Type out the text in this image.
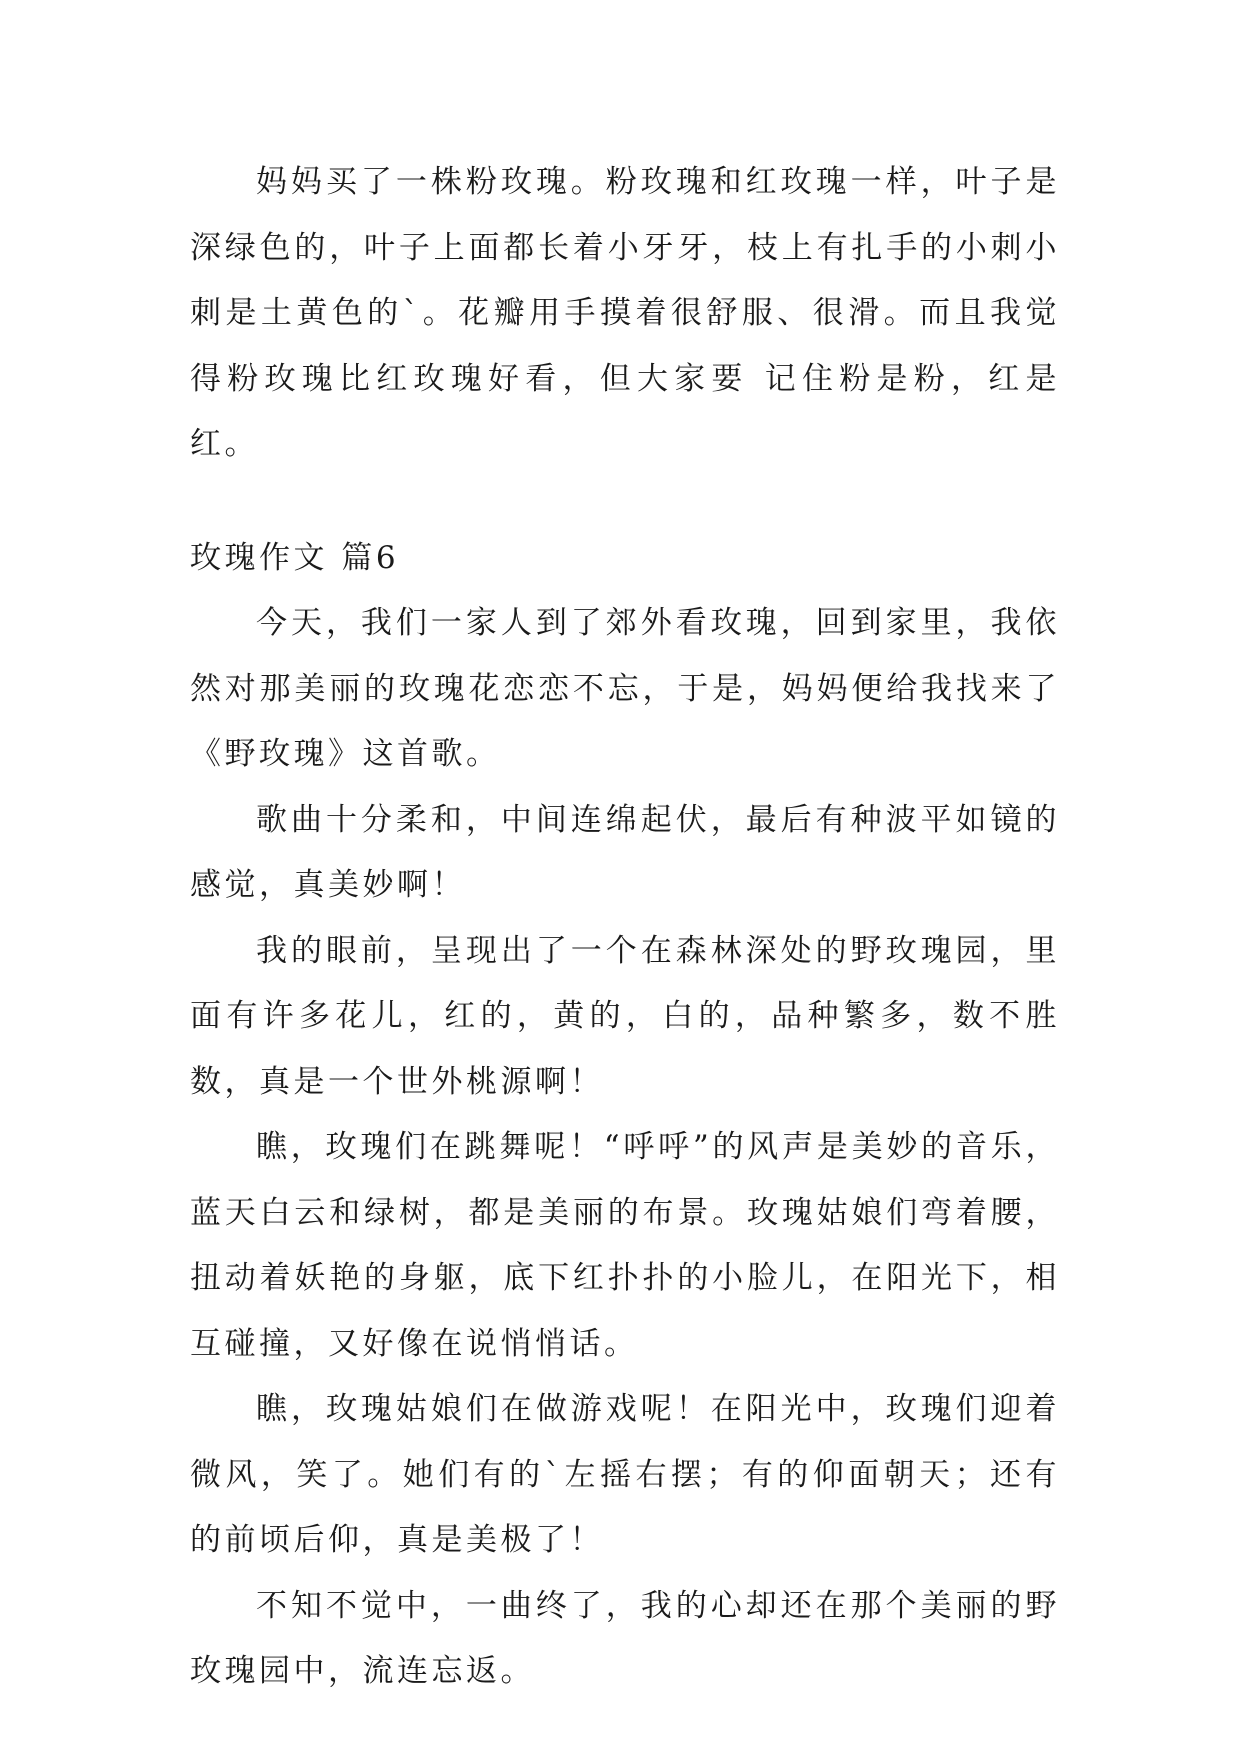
妈妈买了一株粉玫瑰。粉玫瑰和红玫瑰一样，叶子是深绿色的，叶子上面都长着小牙牙，枝上有扎手的小刺小刺是土黄色的`。花瓣用手摸着很舒服、很滑。而且我觉得粉玫瑰比红玫瑰好看，但大家要 记住粉是粉，红是红。

玫瑰作文 篇6

今天，我们一家人到了郊外看玫瑰，回到家里，我依然对那美丽的玫瑰花恋恋不忘，于是，妈妈便给我找来了《野玫瑰》这首歌。

歌曲十分柔和，中间连绵起伏，最后有种波平如镜的感觉，真美妙啊！

我的眼前，呈现出了一个在森林深处的野玫瑰园，里面有许多花儿，红的，黄的，白的，品种繁多，数不胜数，真是一个世外桃源啊！

瞧，玫瑰们在跳舞呢！“呼呼”的风声是美妙的音乐，蓝天白云和绿树，都是美丽的布景。玫瑰姑娘们弯着腰，扭动着妖艳的身躯，底下红扑扑的小脸儿，在阳光下，相互碰撞，又好像在说悄悄话。

瞧，玫瑰姑娘们在做游戏呢！在阳光中，玫瑰们迎着微风，笑了。她们有的`左摇右摆；有的仰面朝天；还有的前顷后仰，真是美极了！

不知不觉中，一曲终了，我的心却还在那个美丽的野玫瑰园中，流连忘返。
